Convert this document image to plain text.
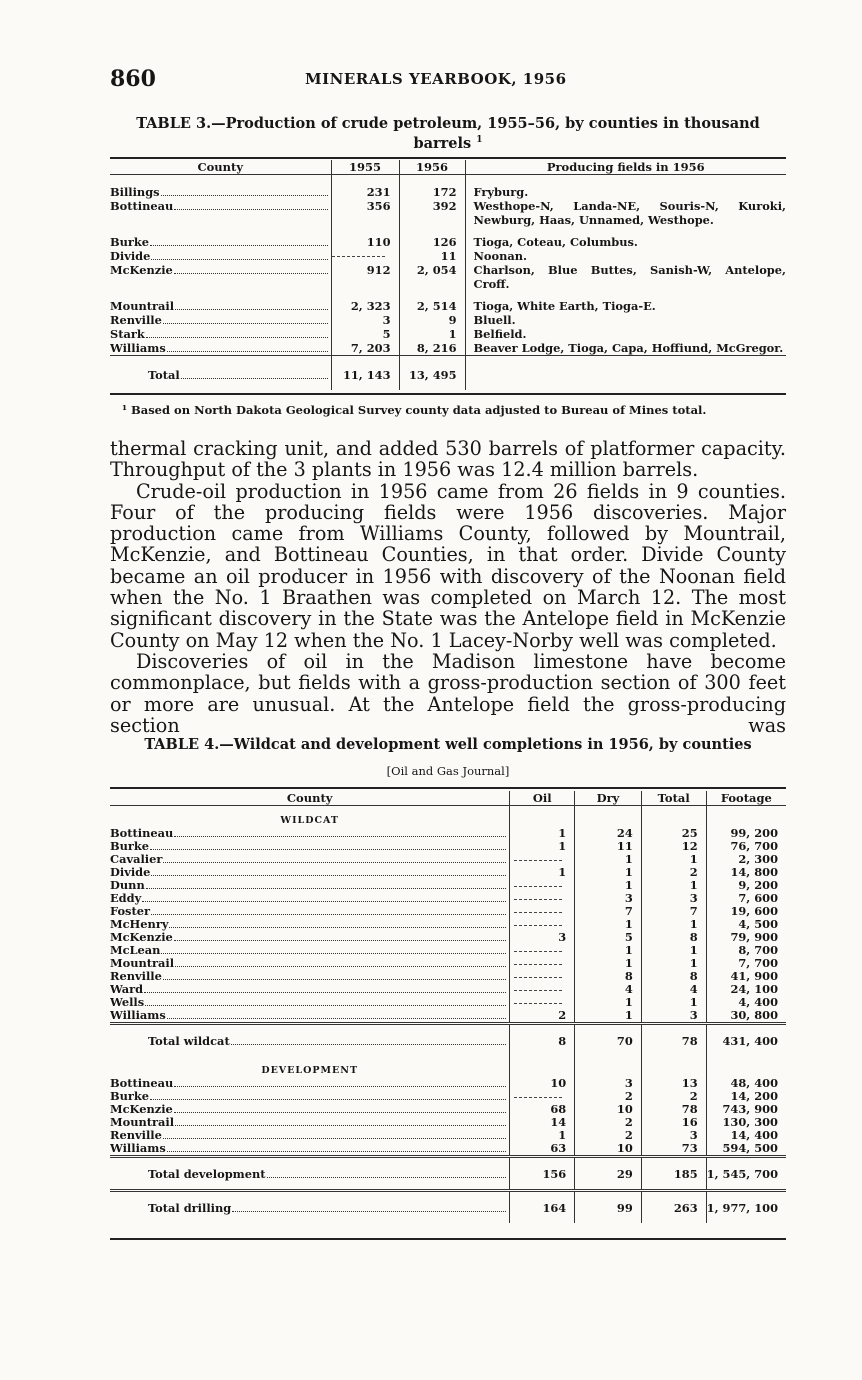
860	MINERALS YEARBOOK, 1956
TABLE 3.—Production of crude petroleum, 1955–56, by counties in thousand barrels $^1$
County	1955	1956	Producing fields in 1956

Billings	231	172	Fryburg.

Bottineau	356	392	Westhope-N, Landa-NE, Souris-N, Kuroki, Newburg, Haas, Unnamed, Westhope.

Burke	110	126	Tioga, Coteau, Columbus.

Divide		11	Noonan.

McKenzie	912	2, 054	Charlson, Blue Buttes, Sanish-W, Antelope, Croff.

Mountrail	2, 323	2, 514	Tioga, White Earth, Tioga-E.

Renville	3	9	Bluell.

Stark	5	1	Belfield.

Williams	7, 203	8, 216	Beaver Lodge, Tioga, Capa, Hoffiund, McGregor.

Total	11, 143	13, 495	
¹ Based on North Dakota Geological Survey county data adjusted to Bureau of Mines total.

thermal cracking unit, and added 530 barrels of platformer capacity. Throughput of the 3 plants in 1956 was 12.4 million barrels.

Crude-oil production in 1956 came from 26 fields in 9 counties. Four of the producing fields were 1956 discoveries. Major production came from Williams County, followed by Mountrail, McKenzie, and Bottineau Counties, in that order. Divide County became an oil producer in 1956 with discovery of the Noonan field when the No. 1 Braathen was completed on March 12. The most significant discovery in the State was the Antelope field in McKenzie County on May 12 when the No. 1 Lacey-Norby well was completed.

Discoveries of oil in the Madison limestone have become commonplace, but fields with a gross-production section of 300 feet or more are unusual. At the Antelope field the gross-producing section was

TABLE 4.—Wildcat and development well completions in 1956, by counties
[Oil and Gas Journal]
County	Oil	Dry	Total	Footage
WILDCAT				

Bottineau	1	24	25	99, 200

Burke	1	11	12	76, 700

Cavalier		1	1	2, 300

Divide	1	1	2	14, 800

Dunn		1	1	9, 200

Eddy		3	3	7, 600

Foster		7	7	19, 600

McHenry		1	1	4, 500

McKenzie	3	5	8	79, 900

McLean		1	1	8, 700

Mountrail		1	1	7, 700

Renville		8	8	41, 900

Ward		4	4	24, 100

Wells		1	1	4, 400

Williams	2	1	3	30, 800

Total wildcat	8	70	78	431, 400
DEVELOPMENT				

Bottineau	10	3	13	48, 400

Burke		2	2	14, 200

McKenzie	68	10	78	743, 900

Mountrail	14	2	16	130, 300

Renville	1	2	3	14, 400

Williams	63	10	73	594, 500

Total development	156	29	185	1, 545, 700

Total drilling	164	99	263	1, 977, 100
